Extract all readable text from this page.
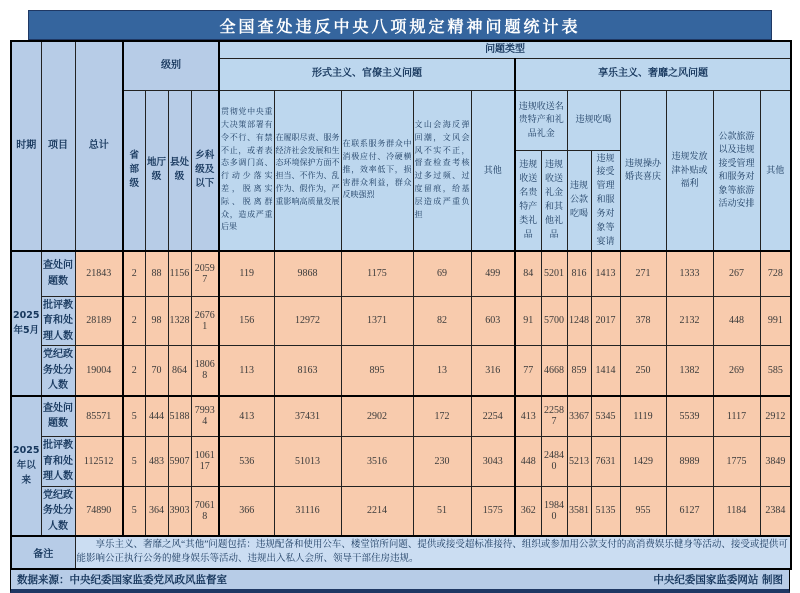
全国查处违反中央八项规定精神问题统计表
时期	项目	总计	级别				问题类型												
							形式主义、官僚主义问题					享乐主义、奢靡之风问题							
			省部级	地厅级	县处级	乡科级及以下	贯彻党中央重大决策部署有令不行、有禁不止，或者表态多调门高、行动少落实差，脱离实际、脱离群众，造成严重后果	在履职尽责、服务经济社会发展和生态环境保护方面不担当、不作为、乱作为、假作为，严重影响高质量发展	在联系服务群众中消极应付、冷硬横推，效率低下，损害群众利益，群众反映强烈	文山会海反弹回潮，文风会风不实不正，督查检查考核过多过频、过度留痕，给基层造成严重负担	其他	违规收送名贵特产和礼品礼金		违规吃喝		违规操办婚丧喜庆	违规发放津补贴或福利	公款旅游以及违规接受管理和服务对象等旅游活动安排	其他
												违规收送名贵特产类礼品	违规收送礼金和其他礼品	违规公款吃喝	违规接受管理和服务对象等宴请				
2025年5月	查处问题数	21843	2	88	1156	20597	119	9868	1175	69	499	84	5201	816	1413	271	1333	267	728
	批评教育和处理人数	28189	2	98	1328	26761	156	12972	1371	82	603	91	5700	1248	2017	378	2132	448	991
	党纪政务处分人数	19004	2	70	864	18068	113	8163	895	13	316	77	4668	859	1414	250	1382	269	585
2025年以来	查处问题数	85571	5	444	5188	79934	413	37431	2902	172	2254	413	22587	3367	5345	1119	5539	1117	2912
	批评教育和处理人数	112512	5	483	5907	106117	536	51013	3516	230	3043	448	24840	5213	7631	1429	8989	1775	3849
	党纪政务处分人数	74890	5	364	3903	70618	366	31116	2214	51	1575	362	19840	3581	5135	955	6127	1184	2384
备注		享乐主义、奢靡之风“其他”问题包括：违规配备和使用公车、楼堂馆所问题、提供或接受超标准接待、组织或参加用公款支付的高消费娱乐健身等活动、接受或提供可能影响公正执行公务的健身娱乐等活动、违规出入私人会所、领导干部住房违规。																	
数据来源：中央纪委国家监委党风政风监督室	中央纪委国家监委网站 制图
